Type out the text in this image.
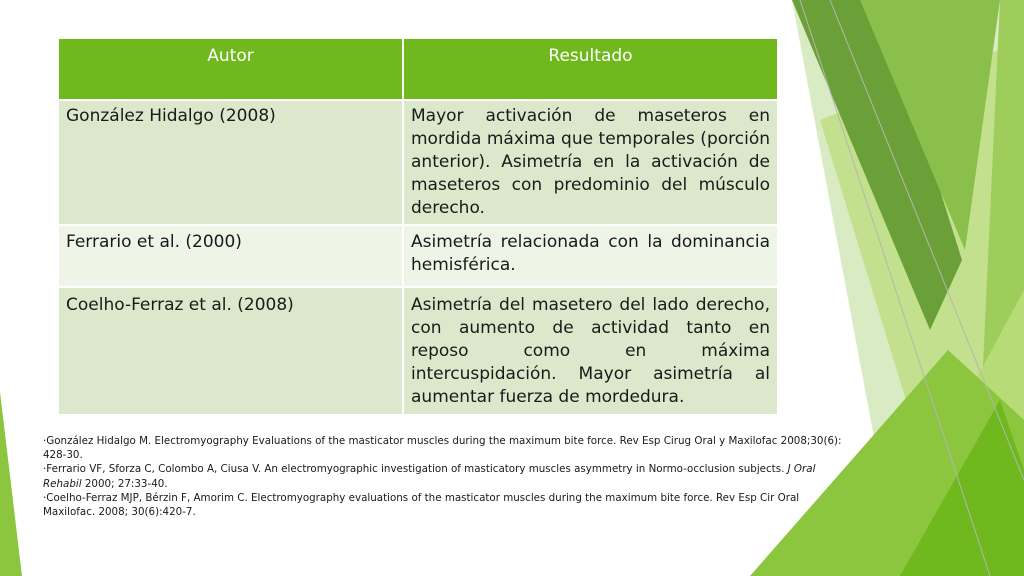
Autor	Resultado
González Hidalgo (2008)	Mayor activación de maseteros en mordida máxima que temporales (porción anterior). Asimetría en la activación de maseteros con predominio del músculo derecho.
Ferrario et al. (2000)	Asimetría relacionada con la dominancia hemisférica.
Coelho-Ferraz et al. (2008)	Asimetría del masetero del lado derecho, con aumento de actividad tanto en reposo como en máxima intercuspidación. Mayor asimetría al aumentar fuerza de mordedura.

·González Hidalgo M. Electromyography Evaluations of the masticator muscles during the maximum bite force. Rev Esp Cirug Oral y Maxilofac 2008;30(6): 428-30.

·Ferrario VF, Sforza C, Colombo A, Ciusa V. An electromyographic investigation of masticatory muscles asymmetry in Normo-occlusion subjects. J Oral Rehabil 2000; 27:33-40.

·Coelho-Ferraz MJP, Bérzin F, Amorim C. Electromyography evaluations of the masticator muscles during the maximum bite force. Rev Esp Cir Oral Maxilofac. 2008; 30(6):420-7.
